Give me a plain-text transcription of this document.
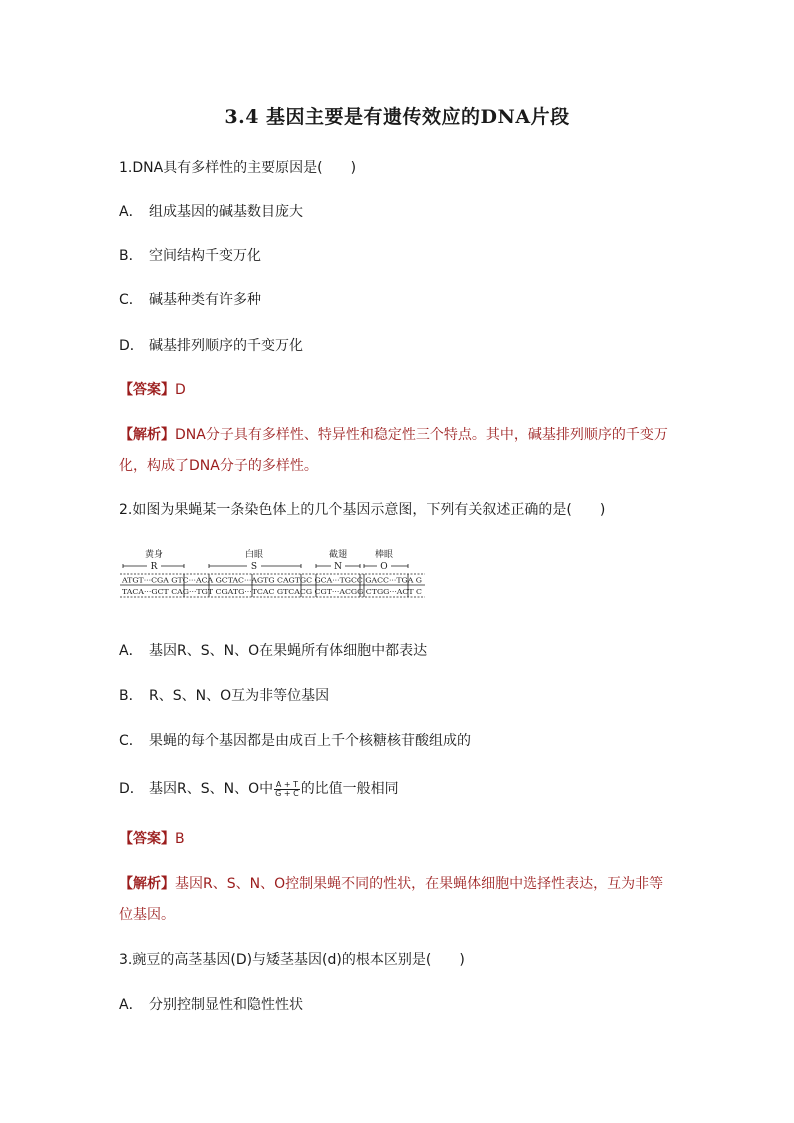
3.4 基因主要是有遗传效应的DNA片段
1.DNA具有多样性的主要原因是(　　)
A． 组成基因的碱基数目庞大
B． 空间结构千变万化
C． 碱基种类有许多种
D． 碱基排列顺序的千变万化
【答案】D
【解析】DNA分子具有多样性、特异性和稳定性三个特点。其中，碱基排列顺序的千变万
化，构成了DNA分子的多样性。
2.如图为果蝇某一条染色体上的几个基因示意图，下列有关叙述正确的是(　　)
黄身	白眼	截翅	棒眼
R	S	N	O
ATGT···CGA GTC···ACA GCTAC···AGTG CAGTGC GCA···TGCC GACC···TGA G
TACA···GCT CAG···TGT CGATG···TCAC GTCACG CGT···ACGG CTGG···ACT C
A． 基因R、S、N、O在果蝇所有体细胞中都表达
B． R、S、N、O互为非等位基因
C． 果蝇的每个基因都是由成百上千个核糖核苷酸组成的
D． 基因R、S、N、O中 $\frac{A + T}{G + C}$ 的比值一般相同
【答案】B
【解析】基因R、S、N、O控制果蝇不同的性状，在果蝇体细胞中选择性表达，互为非等
位基因。
3.豌豆的高茎基因(D)与矮茎基因(d)的根本区别是(　　)
A． 分别控制显性和隐性性状
